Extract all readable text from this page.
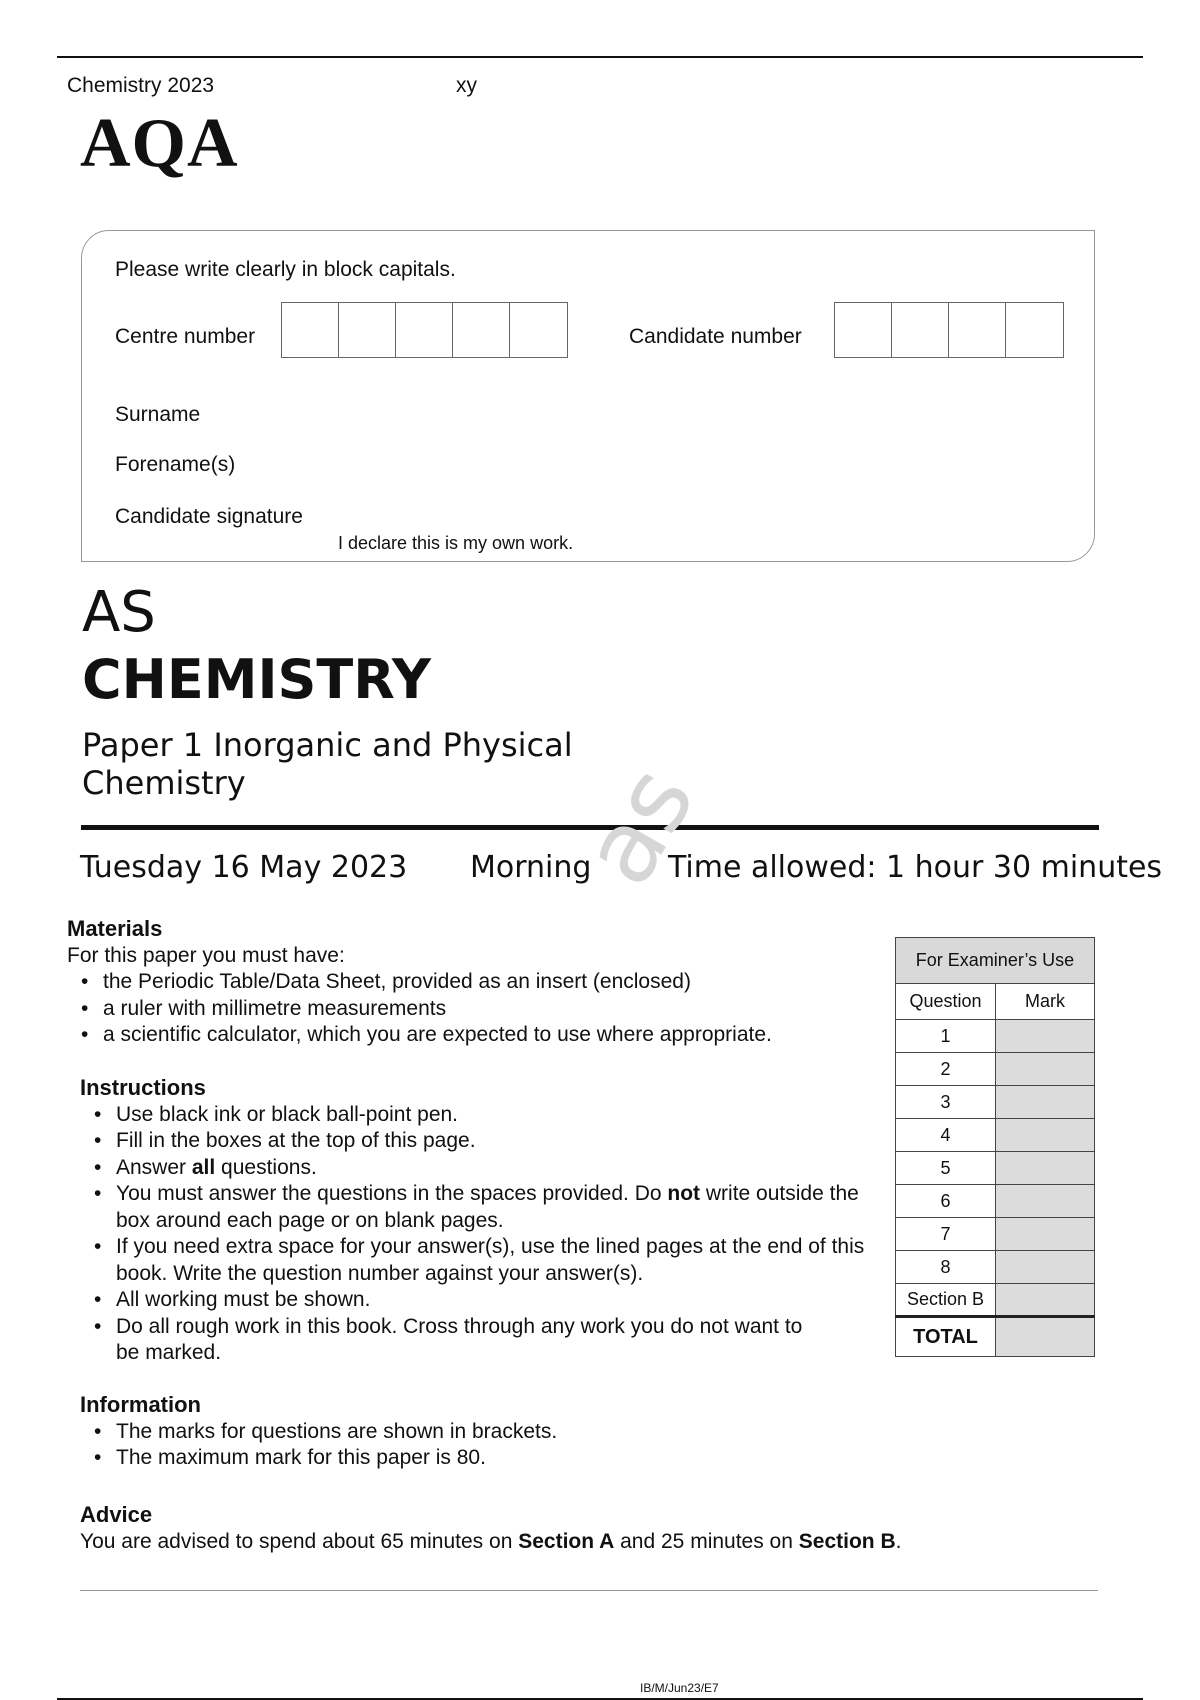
Chemistry 2023	xy
AQA
Please write clearly in block capitals.
Centre number	Candidate number
Surname
Forename(s)
Candidate signature
I declare this is my own work.
AS
CHEMISTRY
Paper 1 Inorganic and Physical Chemistry
Tuesday 16 May 2023 Morning	Time allowed: 1 hour 30 minutes
as
Materials
For this paper you must have:
• the Periodic Table/Data Sheet, provided as an insert (enclosed)
• a ruler with millimetre measurements
• a scientific calculator, which you are expected to use where appropriate.
Instructions
• Use black ink or black ball-point pen.
• Fill in the boxes at the top of this page.
• Answer all questions.
• You must answer the questions in the spaces provided. Do not write outside the box around each page or on blank pages.
• If you need extra space for your answer(s), use the lined pages at the end of this book. Write the question number against your answer(s).
• All working must be shown.
• Do all rough work in this book. Cross through any work you do not want to be marked.
Information
• The marks for questions are shown in brackets.
• The maximum mark for this paper is 80.
Advice
You are advised to spend about 65 minutes on Section A and 25 minutes on Section B.
For Examiner’s Use	
Question	Mark
1	
2	
3	
4	
5	
6	
7	
8	
Section B	
TOTAL	
IB/M/Jun23/E7
